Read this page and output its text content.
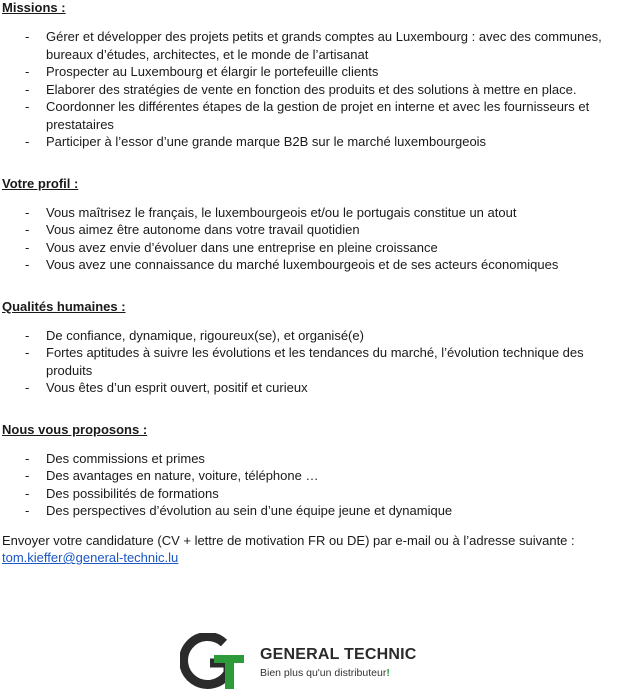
Missions :
- Gérer et développer des projets petits et grands comptes au Luxembourg : avec des communes, bureaux d’études, architectes, et le monde de l’artisanat
- Prospecter au Luxembourg et élargir le portefeuille clients
- Elaborer des stratégies de vente en fonction des produits et des solutions à mettre en place.
- Coordonner les différentes étapes de la gestion de projet en interne et avec les fournisseurs et prestataires
- Participer à l’essor d’une grande marque B2B sur le marché luxembourgeois
Votre profil :
- Vous maîtrisez le français, le luxembourgeois et/ou le portugais constitue un atout
- Vous aimez être autonome dans votre travail quotidien
- Vous avez envie d’évoluer dans une entreprise en pleine croissance
- Vous avez une connaissance du marché luxembourgeois et de ses acteurs économiques
Qualités humaines :
- De confiance, dynamique, rigoureux(se), et organisé(e)
- Fortes aptitudes à suivre les évolutions et les tendances du marché, l’évolution technique des produits
- Vous êtes d’un esprit ouvert, positif et curieux
Nous vous proposons :
- Des commissions et primes
- Des avantages en nature, voiture, téléphone …
- Des possibilités de formations
- Des perspectives d’évolution au sein d’une équipe jeune et dynamique

Envoyer votre candidature (CV + lettre de motivation FR ou DE) par e-mail ou à l’adresse suivante : tom.kieffer@general-technic.lu

GENERAL TECHNIC
Bien plus qu'un distributeur!
